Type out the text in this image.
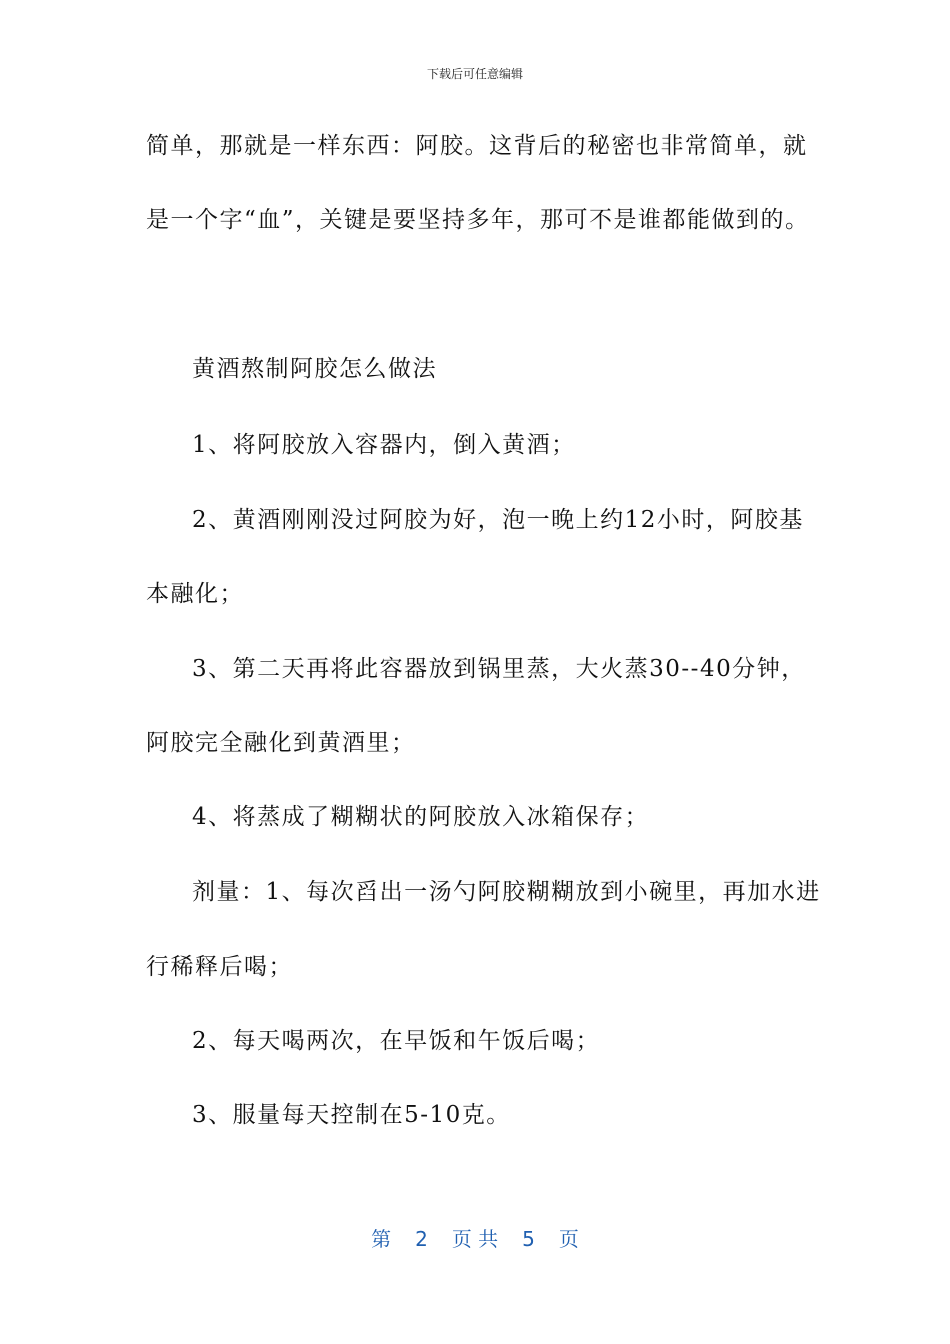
下载后可任意编辑
简单，那就是一样东西：阿胶。这背后的秘密也非常简单，就
是一个字“血”，关键是要坚持多年，那可不是谁都能做到的。
黄酒熬制阿胶怎么做法
1、将阿胶放入容器内，倒入黄酒；
2、黄酒刚刚没过阿胶为好，泡一晚上约12小时，阿胶基
本融化；
3、第二天再将此容器放到锅里蒸，大火蒸30--40分钟，
阿胶完全融化到黄酒里；
4、将蒸成了糊糊状的阿胶放入冰箱保存；
剂量：1、每次舀出一汤勺阿胶糊糊放到小碗里，再加水进
行稀释后喝；
2、每天喝两次，在早饭和午饭后喝；
3、服量每天控制在5-10克。
第 2 页 共 5 页
